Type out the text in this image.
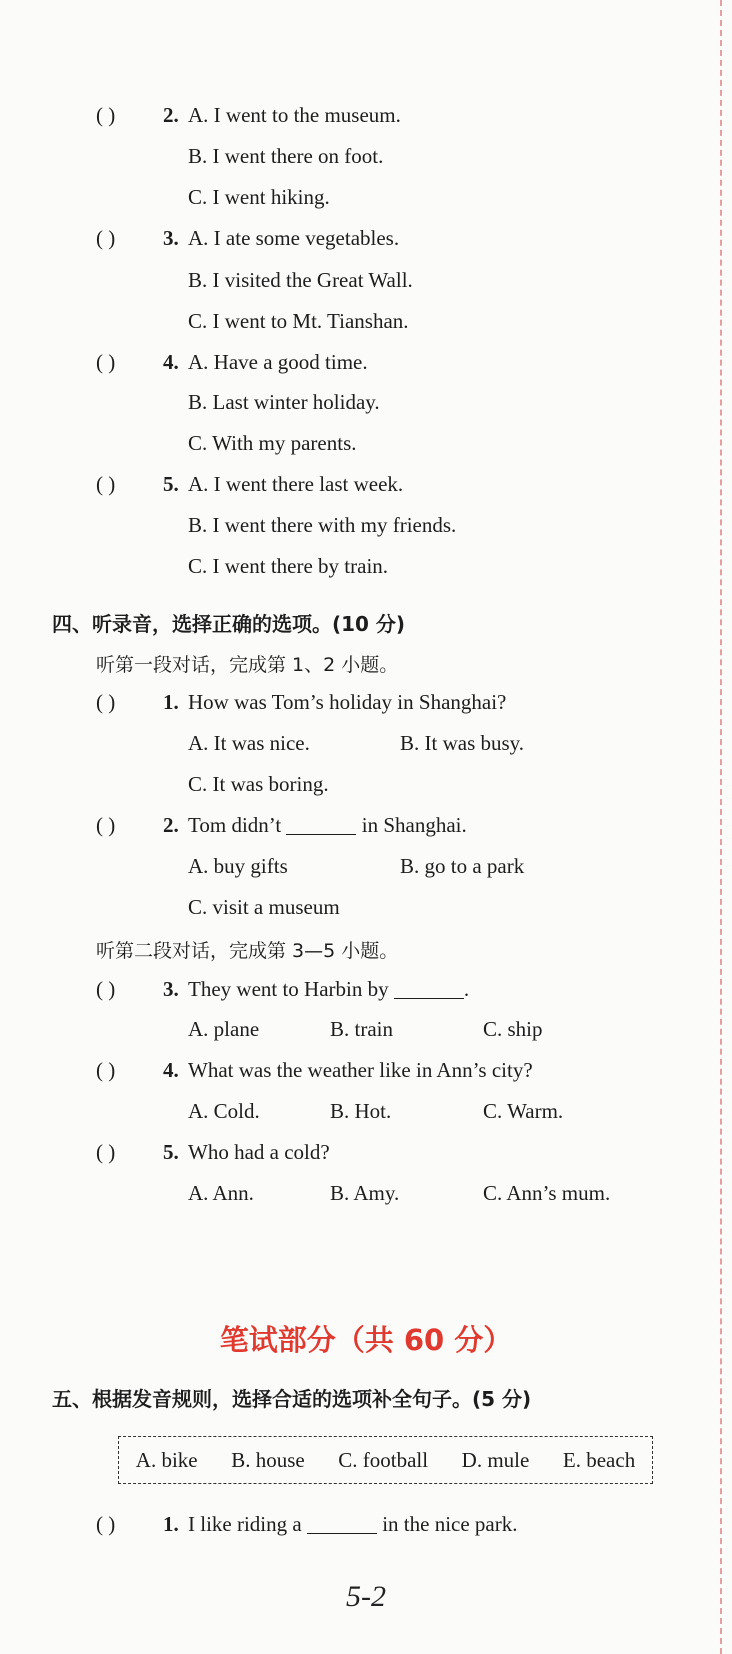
( ) 2. A. I went to the museum.
B. I went there on foot.
C. I went hiking.
( ) 3. A. I ate some vegetables.
B. I visited the Great Wall.
C. I went to Mt. Tianshan.
( ) 4. A. Have a good time.
B. Last winter holiday.
C. With my parents.
( ) 5. A. I went there last week.
B. I went there with my friends.
C. I went there by train.
四、听录音，选择正确的选项。(10 分)
听第一段对话，完成第 1、2 小题。
( ) 1. How was Tom’s holiday in Shanghai?
A. It was nice.	B. It was busy.
C. It was boring.
( ) 2. Tom didn’t	in Shanghai.
A. buy gifts	B. go to a park
C. visit a museum
听第二段对话，完成第 3—5 小题。
( ) 3. They went to Harbin by	.
A. plane	B. train	C. ship
( ) 4. What was the weather like in Ann’s city?
A. Cold.	B. Hot.	C. Warm.
( ) 5. Who had a cold?
A. Ann.	B. Amy.	C. Ann’s mum.
笔试部分（共 60 分）
五、根据发音规则，选择合适的选项补全句子。(5 分)
A. bike B. house C. football D. mule E. beach
( ) 1. I like riding a	in the nice park.
5-2
